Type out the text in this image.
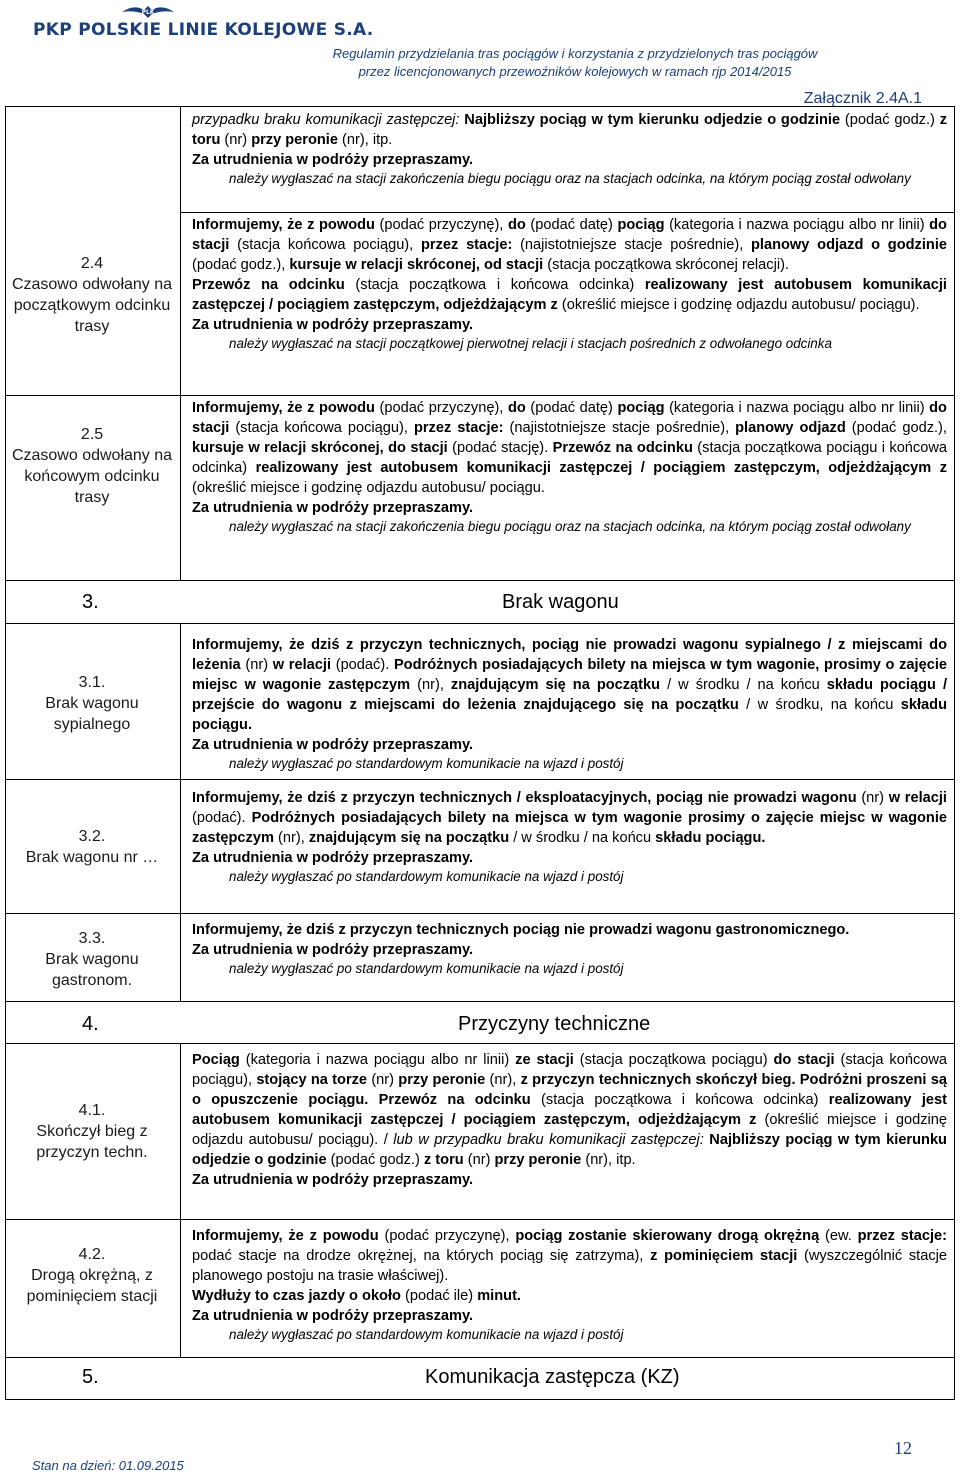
PLK
PKP POLSKIE LINIE KOLEJOWE S.A.
Regulamin przydzielania tras pociągów i korzystania z przydzielonych tras pociągów
przez licencjonowanych przewoźników kolejowych w ramach rjp 2014/2015
Załącznik 2.4A.1

przypadku braku komunikacji zastępczej: Najbliższy pociąg w tym kierunku odjedzie o godzinie (podać godz.) z toru (nr) przy peronie (nr), itp.

Za utrudnienia w podróży przepraszamy.

należy wygłaszać na stacji zakończenia biegu pociągu oraz na stacjach odcinka, na którym pociąg został odwołany

2.4
Czasowo odwołany na początkowym odcinku trasy

Informujemy, że z powodu (podać przyczynę), do (podać datę) pociąg (kategoria i nazwa pociągu albo nr linii) do stacji (stacja końcowa pociągu), przez stacje: (najistotniejsze stacje pośrednie), planowy odjazd o godzinie (podać godz.), kursuje w relacji skróconej, od stacji (stacja początkowa skróconej relacji).

Przewóz na odcinku (stacja początkowa i końcowa odcinka) realizowany jest autobusem komunikacji zastępczej / pociągiem zastępczym, odjeżdżającym z (określić miejsce i godzinę odjazdu autobusu/ pociągu).

Za utrudnienia w podróży przepraszamy.

należy wygłaszać na stacji początkowej pierwotnej relacji i stacjach pośrednich z odwołanego odcinka

2.5
Czasowo odwołany na końcowym odcinku trasy

Informujemy, że z powodu (podać przyczynę), do (podać datę) pociąg (kategoria i nazwa pociągu albo nr linii) do stacji (stacja końcowa pociągu), przez stacje: (najistotniejsze stacje pośrednie), planowy odjazd (podać godz.), kursuje w relacji skróconej, do stacji (podać stację). Przewóz na odcinku (stacja początkowa pociągu i końcowa odcinka) realizowany jest autobusem komunikacji zastępczej / pociągiem zastępczym, odjeżdżającym z (określić miejsce i godzinę odjazdu autobusu/ pociągu.

Za utrudnienia w podróży przepraszamy.

należy wygłaszać na stacji zakończenia biegu pociągu oraz na stacjach odcinka, na którym pociąg został odwołany

3.	Brak wagonu
3.1.
Brak wagonu sypialnego

Informujemy, że dziś z przyczyn technicznych, pociąg nie prowadzi wagonu sypialnego / z miejscami do leżenia (nr) w relacji (podać). Podróżnych posiadających bilety na miejsca w tym wagonie, prosimy o zajęcie miejsc w wagonie zastępczym (nr), znajdującym się na początku / w środku / na końcu składu pociągu / przejście do wagonu z miejscami do leżenia znajdującego się na początku / w środku, na końcu składu pociągu.

Za utrudnienia w podróży przepraszamy.

należy wygłaszać po standardowym komunikacie na wjazd i postój

3.2.
Brak wagonu nr …

Informujemy, że dziś z przyczyn technicznych / eksploatacyjnych, pociąg nie prowadzi wagonu (nr) w relacji (podać). Podróżnych posiadających bilety na miejsca w tym wagonie prosimy o zajęcie miejsc w wagonie zastępczym (nr), znajdującym się na początku / w środku / na końcu składu pociągu.

Za utrudnienia w podróży przepraszamy.

należy wygłaszać po standardowym komunikacie na wjazd i postój

3.3.
Brak wagonu gastronom.

Informujemy, że dziś z przyczyn technicznych pociąg nie prowadzi wagonu gastronomicznego.

Za utrudnienia w podróży przepraszamy.

należy wygłaszać po standardowym komunikacie na wjazd i postój

4.	Przyczyny techniczne
4.1.
Skończył bieg z przyczyn techn.

Pociąg (kategoria i nazwa pociągu albo nr linii) ze stacji (stacja początkowa pociągu) do stacji (stacja końcowa pociągu), stojący na torze (nr) przy peronie (nr), z przyczyn technicznych skończył bieg. Podróżni proszeni są o opuszczenie pociągu. Przewóz na odcinku (stacja początkowa i końcowa odcinka) realizowany jest autobusem komunikacji zastępczej / pociągiem zastępczym, odjeżdżającym z (określić miejsce i godzinę odjazdu autobusu/ pociągu). / lub w przypadku braku komunikacji zastępczej: Najbliższy pociąg w tym kierunku odjedzie o godzinie (podać godz.) z toru (nr) przy peronie (nr), itp.

Za utrudnienia w podróży przepraszamy.

4.2.
Drogą okrężną, z pominięciem stacji

Informujemy, że z powodu (podać przyczynę), pociąg zostanie skierowany drogą okrężną (ew. przez stacje: podać stacje na drodze okrężnej, na których pociąg się zatrzyma), z pominięciem stacji (wyszczególnić stacje planowego postoju na trasie właściwej).

Wydłuży to czas jazdy o około (podać ile) minut.

Za utrudnienia w podróży przepraszamy.

należy wygłaszać po standardowym komunikacie na wjazd i postój

5.	Komunikacja zastępcza (KZ)
Stan na dzień: 01.09.2015
12
